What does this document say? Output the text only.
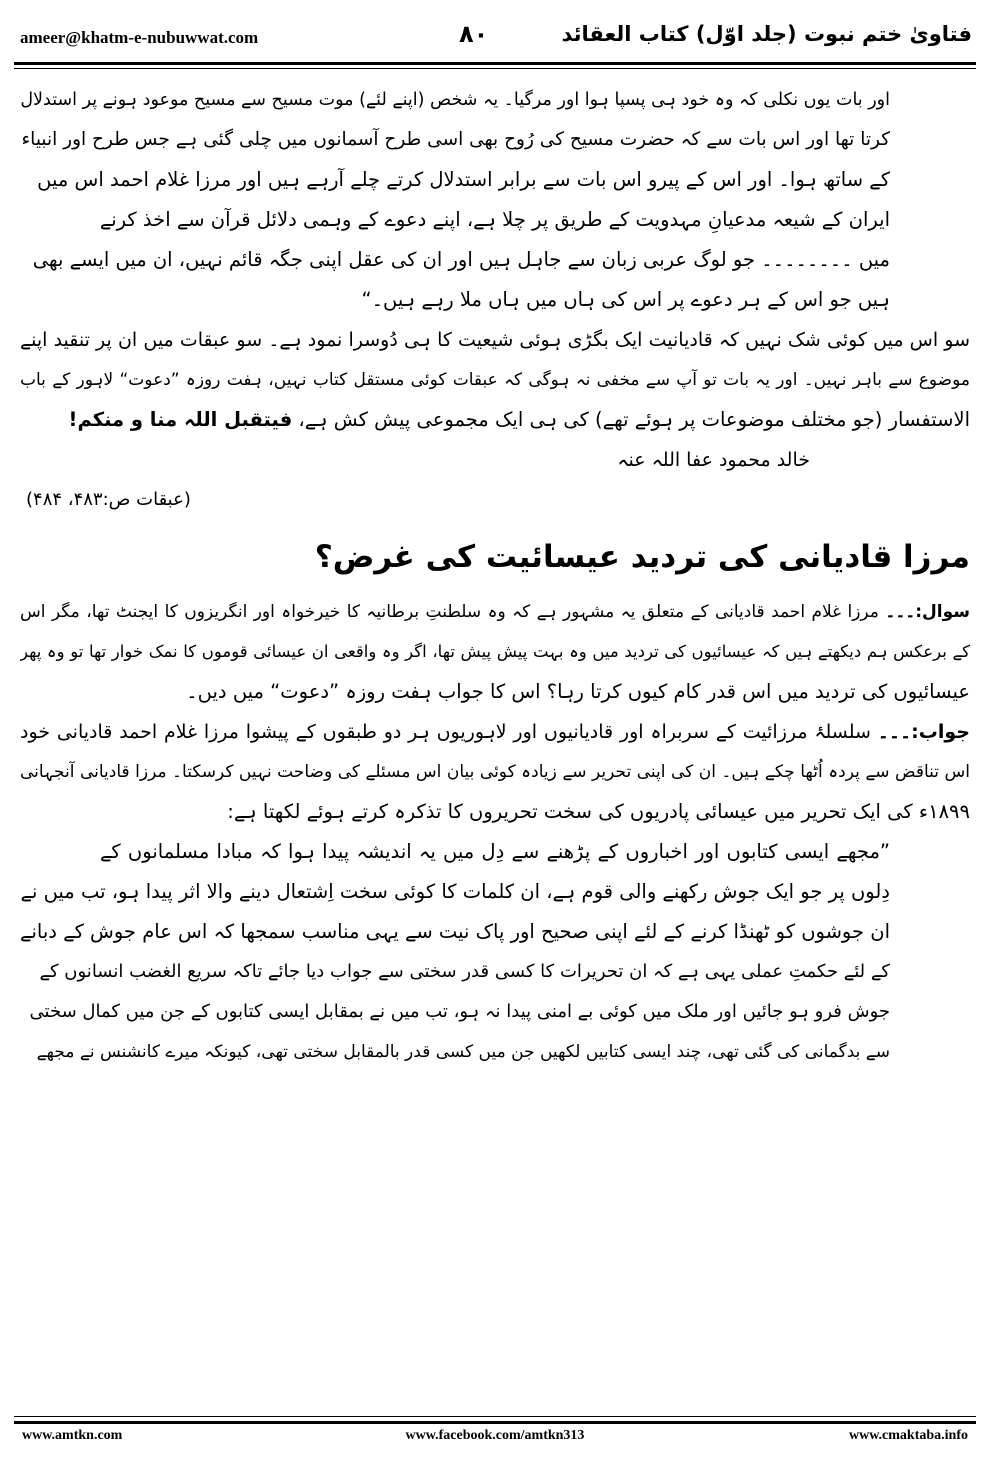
ameer@khatm-e-nubuwwat.com	۸۰	فتاویٰ ختم نبوت (جلد اوّل) کتاب العقائد
اور بات یوں نکلی کہ وہ خود ہی پسپا ہوا اور مرگیا۔ یہ شخص (اپنے لئے) موت مسیح سے مسیح موعود ہونے پر استدلال
کرتا تھا اور اس بات سے کہ حضرت مسیح کی رُوح بھی اسی طرح آسمانوں میں چلی گئی ہے جس طرح اور انبیاء
کے ساتھ ہوا۔ اور اس کے پیرو اس بات سے برابر استدلال کرتے چلے آرہے ہیں اور مرزا غلام احمد اس میں
ایران کے شیعہ مدعیانِ مہدویت کے طریق پر چلا ہے، اپنے دعوے کے وہمی دلائل قرآن سے اخذ کرنے
میں ۔۔۔۔۔۔۔۔ جو لوگ عربی زبان سے جاہل ہیں اور ان کی عقل اپنی جگہ قائم نہیں، ان میں ایسے بھی
ہیں جو اس کے ہر دعوے پر اس کی ہاں میں ہاں ملا رہے ہیں۔“
سو اس میں کوئی شک نہیں کہ قادیانیت ایک بگڑی ہوئی شیعیت کا ہی دُوسرا نمود ہے۔ سو عبقات میں ان پر تنقید اپنے
موضوع سے باہر نہیں۔ اور یہ بات تو آپ سے مخفی نہ ہوگی کہ عبقات کوئی مستقل کتاب نہیں، ہفت روزہ ”دعوت“ لاہور کے باب
الاستفسار (جو مختلف موضوعات پر ہوئے تھے) کی ہی ایک مجموعی پیش کش ہے، فیتقبل اللہ منا و منکم!
خالد محمود عفا اللہ عنہ
(عبقات ص:۴۸۳، ۴۸۴)
مرزا قادیانی کی تردید عیسائیت کی غرض؟
سوال:۔۔۔ مرزا غلام احمد قادیانی کے متعلق یہ مشہور ہے کہ وہ سلطنتِ برطانیہ کا خیرخواہ اور انگریزوں کا ایجنٹ تھا، مگر اس
کے برعکس ہم دیکھتے ہیں کہ عیسائیوں کی تردید میں وہ بہت پیش پیش تھا، اگر وہ واقعی ان عیسائی قوموں کا نمک خوار تھا تو وہ پھر
عیسائیوں کی تردید میں اس قدر کام کیوں کرتا رہا؟ اس کا جواب ہفت روزہ ”دعوت“ میں دیں۔
جواب:۔۔۔ سلسلۂ مرزائیت کے سربراہ اور قادیانیوں اور لاہوریوں ہر دو طبقوں کے پیشوا مرزا غلام احمد قادیانی خود
اس تناقض سے پردہ اُٹھا چکے ہیں۔ ان کی اپنی تحریر سے زیادہ کوئی بیان اس مسئلے کی وضاحت نہیں کرسکتا۔ مرزا قادیانی آنجہانی
۱۸۹۹ء کی ایک تحریر میں عیسائی پادریوں کی سخت تحریروں کا تذکرہ کرتے ہوئے لکھتا ہے:
”مجھے ایسی کتابوں اور اخباروں کے پڑھنے سے دِل میں یہ اندیشہ پیدا ہوا کہ مبادا مسلمانوں کے
دِلوں پر جو ایک جوش رکھنے والی قوم ہے، ان کلمات کا کوئی سخت اِشتعال دینے والا اثر پیدا ہو، تب میں نے
ان جوشوں کو ٹھنڈا کرنے کے لئے اپنی صحیح اور پاک نیت سے یہی مناسب سمجھا کہ اس عام جوش کے دبانے
کے لئے حکمتِ عملی یہی ہے کہ ان تحریرات کا کسی قدر سختی سے جواب دیا جائے تاکہ سریع الغضب انسانوں کے
جوش فرو ہو جائیں اور ملک میں کوئی بے امنی پیدا نہ ہو، تب میں نے بمقابل ایسی کتابوں کے جن میں کمال سختی
سے بدگمانی کی گئی تھی، چند ایسی کتابیں لکھیں جن میں کسی قدر بالمقابل سختی تھی، کیونکہ میرے کانشنس نے مجھے
www.amtkn.com	www.facebook.com/amtkn313	www.cmaktaba.info
